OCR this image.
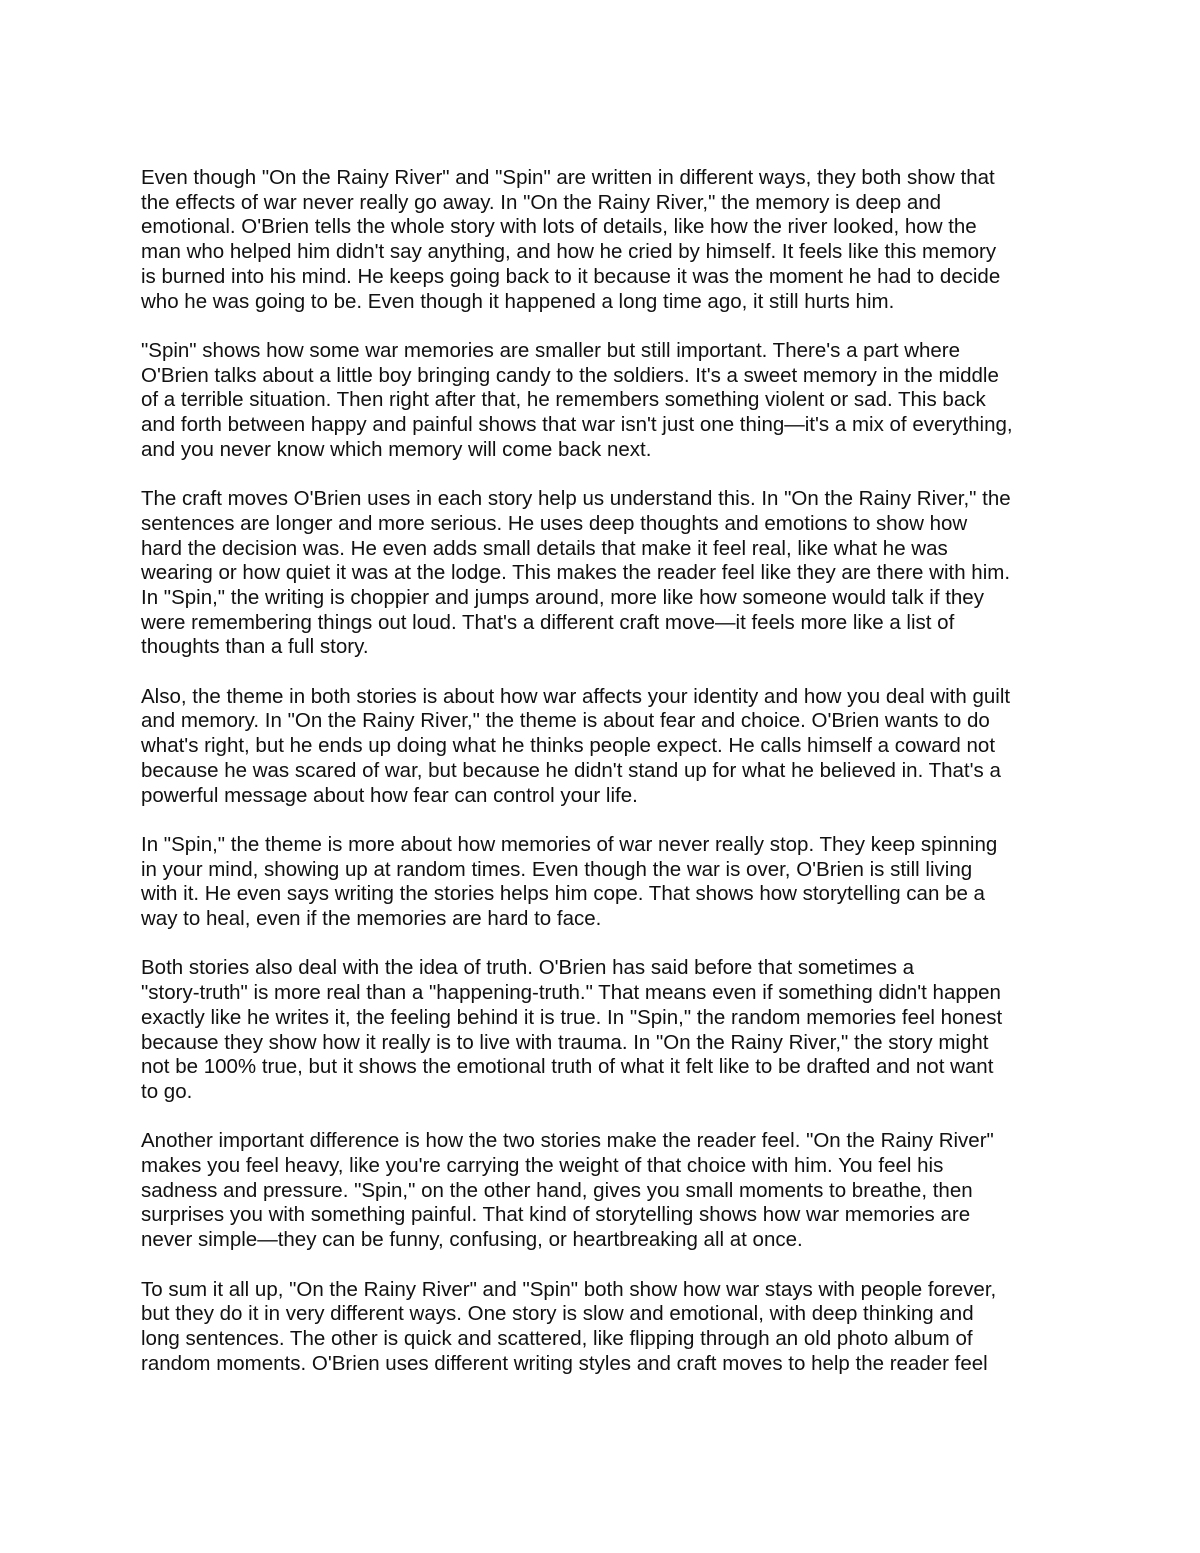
Even though "On the Rainy River" and "Spin" are written in different ways, they both show that
the effects of war never really go away. In "On the Rainy River," the memory is deep and
emotional. O'Brien tells the whole story with lots of details, like how the river looked, how the
man who helped him didn't say anything, and how he cried by himself. It feels like this memory
is burned into his mind. He keeps going back to it because it was the moment he had to decide
who he was going to be. Even though it happened a long time ago, it still hurts him.

"Spin" shows how some war memories are smaller but still important. There's a part where
O'Brien talks about a little boy bringing candy to the soldiers. It's a sweet memory in the middle
of a terrible situation. Then right after that, he remembers something violent or sad. This back
and forth between happy and painful shows that war isn't just one thing—it's a mix of everything,
and you never know which memory will come back next.

The craft moves O'Brien uses in each story help us understand this. In "On the Rainy River," the
sentences are longer and more serious. He uses deep thoughts and emotions to show how
hard the decision was. He even adds small details that make it feel real, like what he was
wearing or how quiet it was at the lodge. This makes the reader feel like they are there with him.
In "Spin," the writing is choppier and jumps around, more like how someone would talk if they
were remembering things out loud. That's a different craft move—it feels more like a list of
thoughts than a full story.

Also, the theme in both stories is about how war affects your identity and how you deal with guilt
and memory. In "On the Rainy River," the theme is about fear and choice. O'Brien wants to do
what's right, but he ends up doing what he thinks people expect. He calls himself a coward not
because he was scared of war, but because he didn't stand up for what he believed in. That's a
powerful message about how fear can control your life.

In "Spin," the theme is more about how memories of war never really stop. They keep spinning
in your mind, showing up at random times. Even though the war is over, O'Brien is still living
with it. He even says writing the stories helps him cope. That shows how storytelling can be a
way to heal, even if the memories are hard to face.

Both stories also deal with the idea of truth. O'Brien has said before that sometimes a
"story-truth" is more real than a "happening-truth." That means even if something didn't happen
exactly like he writes it, the feeling behind it is true. In "Spin," the random memories feel honest
because they show how it really is to live with trauma. In "On the Rainy River," the story might
not be 100% true, but it shows the emotional truth of what it felt like to be drafted and not want
to go.

Another important difference is how the two stories make the reader feel. "On the Rainy River"
makes you feel heavy, like you're carrying the weight of that choice with him. You feel his
sadness and pressure. "Spin," on the other hand, gives you small moments to breathe, then
surprises you with something painful. That kind of storytelling shows how war memories are
never simple—they can be funny, confusing, or heartbreaking all at once.

To sum it all up, "On the Rainy River" and "Spin" both show how war stays with people forever,
but they do it in very different ways. One story is slow and emotional, with deep thinking and
long sentences. The other is quick and scattered, like flipping through an old photo album of
random moments. O'Brien uses different writing styles and craft moves to help the reader feel
